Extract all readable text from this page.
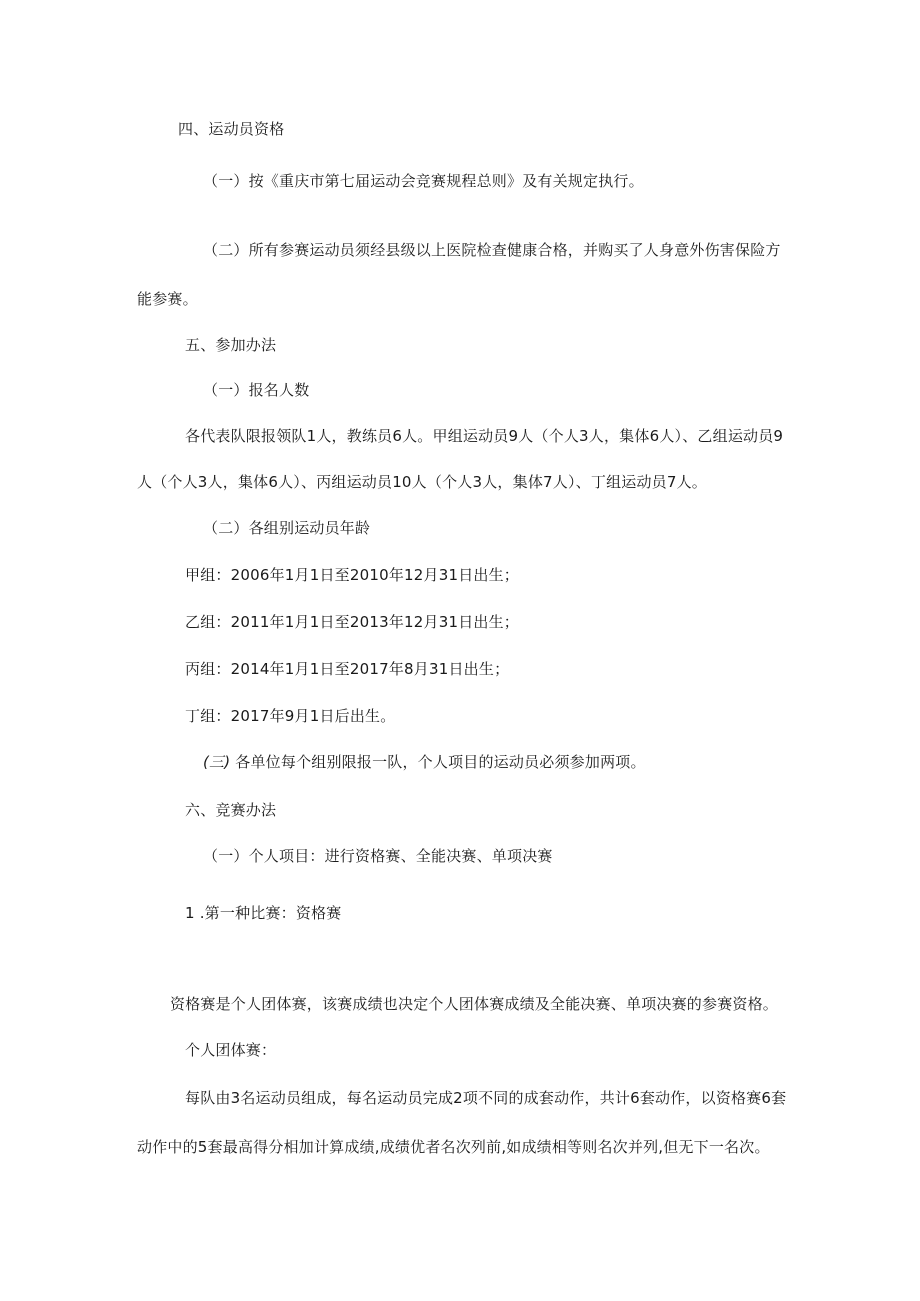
四、运动员资格
（一）按《重庆市第七届运动会竞赛规程总则》及有关规定执行。
（二）所有参赛运动员须经县级以上医院检查健康合格，并购买了人身意外伤害保险方
能参赛。
五、参加办法
（一）报名人数
各代表队限报领队1人，教练员6人。甲组运动员9人（个人3人，集体6人）、乙组运动员9
人（个人3人，集体6人）、丙组运动员10人（个人3人，集体7人）、丁组运动员7人。
（二）各组别运动员年龄
甲组：2006年1月1日至2010年12月31日出生；
乙组：2011年1月1日至2013年12月31日出生；
丙组：2014年1月1日至2017年8月31日出生；
丁组：2017年9月1日后出生。
(三) 各单位每个组别限报一队，个人项目的运动员必须参加两项。
六、竞赛办法
（一）个人项目：进行资格赛、全能决赛、单项决赛
1 .第一种比赛：资格赛
资格赛是个人团体赛，该赛成绩也决定个人团体赛成绩及全能决赛、单项决赛的参赛资格。
个人团体赛：
每队由3名运动员组成，每名运动员完成2项不同的成套动作，共计6套动作，以资格赛6套
动作中的5套最高得分相加计算成绩,成绩优者名次列前,如成绩相等则名次并列,但无下一名次。
